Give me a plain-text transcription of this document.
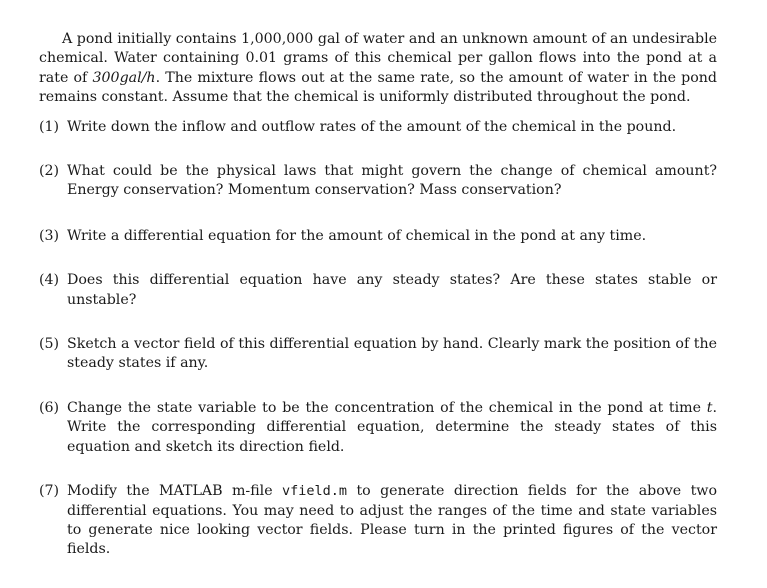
A pond initially contains 1,000,000 gal of water and an unknown amount of an undesirable chemical. Water containing 0.01 grams of this chemical per gallon flows into the pond at a rate of 300gal/h. The mixture flows out at the same rate, so the amount of water in the pond remains constant. Assume that the chemical is uniformly distributed throughout the pond.

(1) Write down the inflow and outflow rates of the amount of the chemical in the pound.
(2) What could be the physical laws that might govern the change of chemical amount? Energy conservation? Momentum conservation? Mass conservation?
(3) Write a differential equation for the amount of chemical in the pond at any time.
(4) Does this differential equation have any steady states? Are these states stable or unstable?
(5) Sketch a vector field of this differential equation by hand. Clearly mark the position of the steady states if any.
(6) Change the state variable to be the concentration of the chemical in the pond at time t. Write the corresponding differential equation, determine the steady states of this equation and sketch its direction field.
(7) Modify the MATLAB m-file vfield.m to generate direction fields for the above two differential equations. You may need to adjust the ranges of the time and state variables to generate nice looking vector fields. Please turn in the printed figures of the vector fields.
